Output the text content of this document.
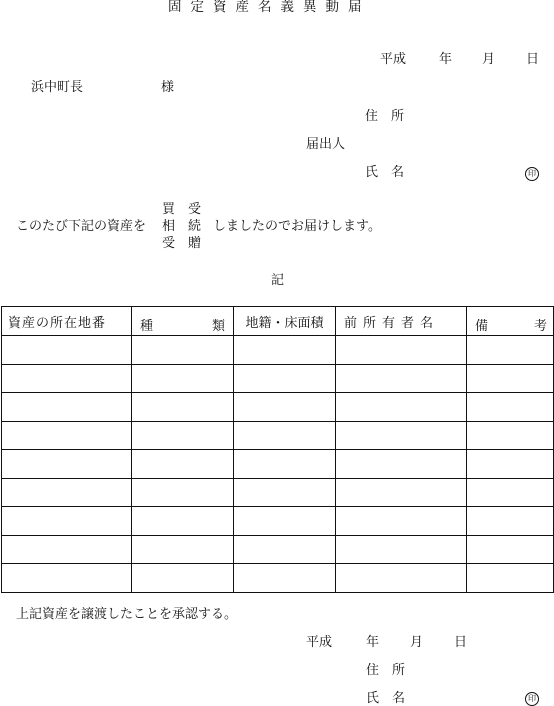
固定資産名義異動届
平成	年 月 日
浜中町長	様
住　所
届出人
氏　名	印
買　受
このたび下記の資産を 相　続 しましたのでお届けします。
受　贈
記
資産の所在地番	種 類	地籍・床面積	前所有者名	備 考

上記資産を譲渡したことを承認する。
平成	年 月 日
住　所
氏　名	印
